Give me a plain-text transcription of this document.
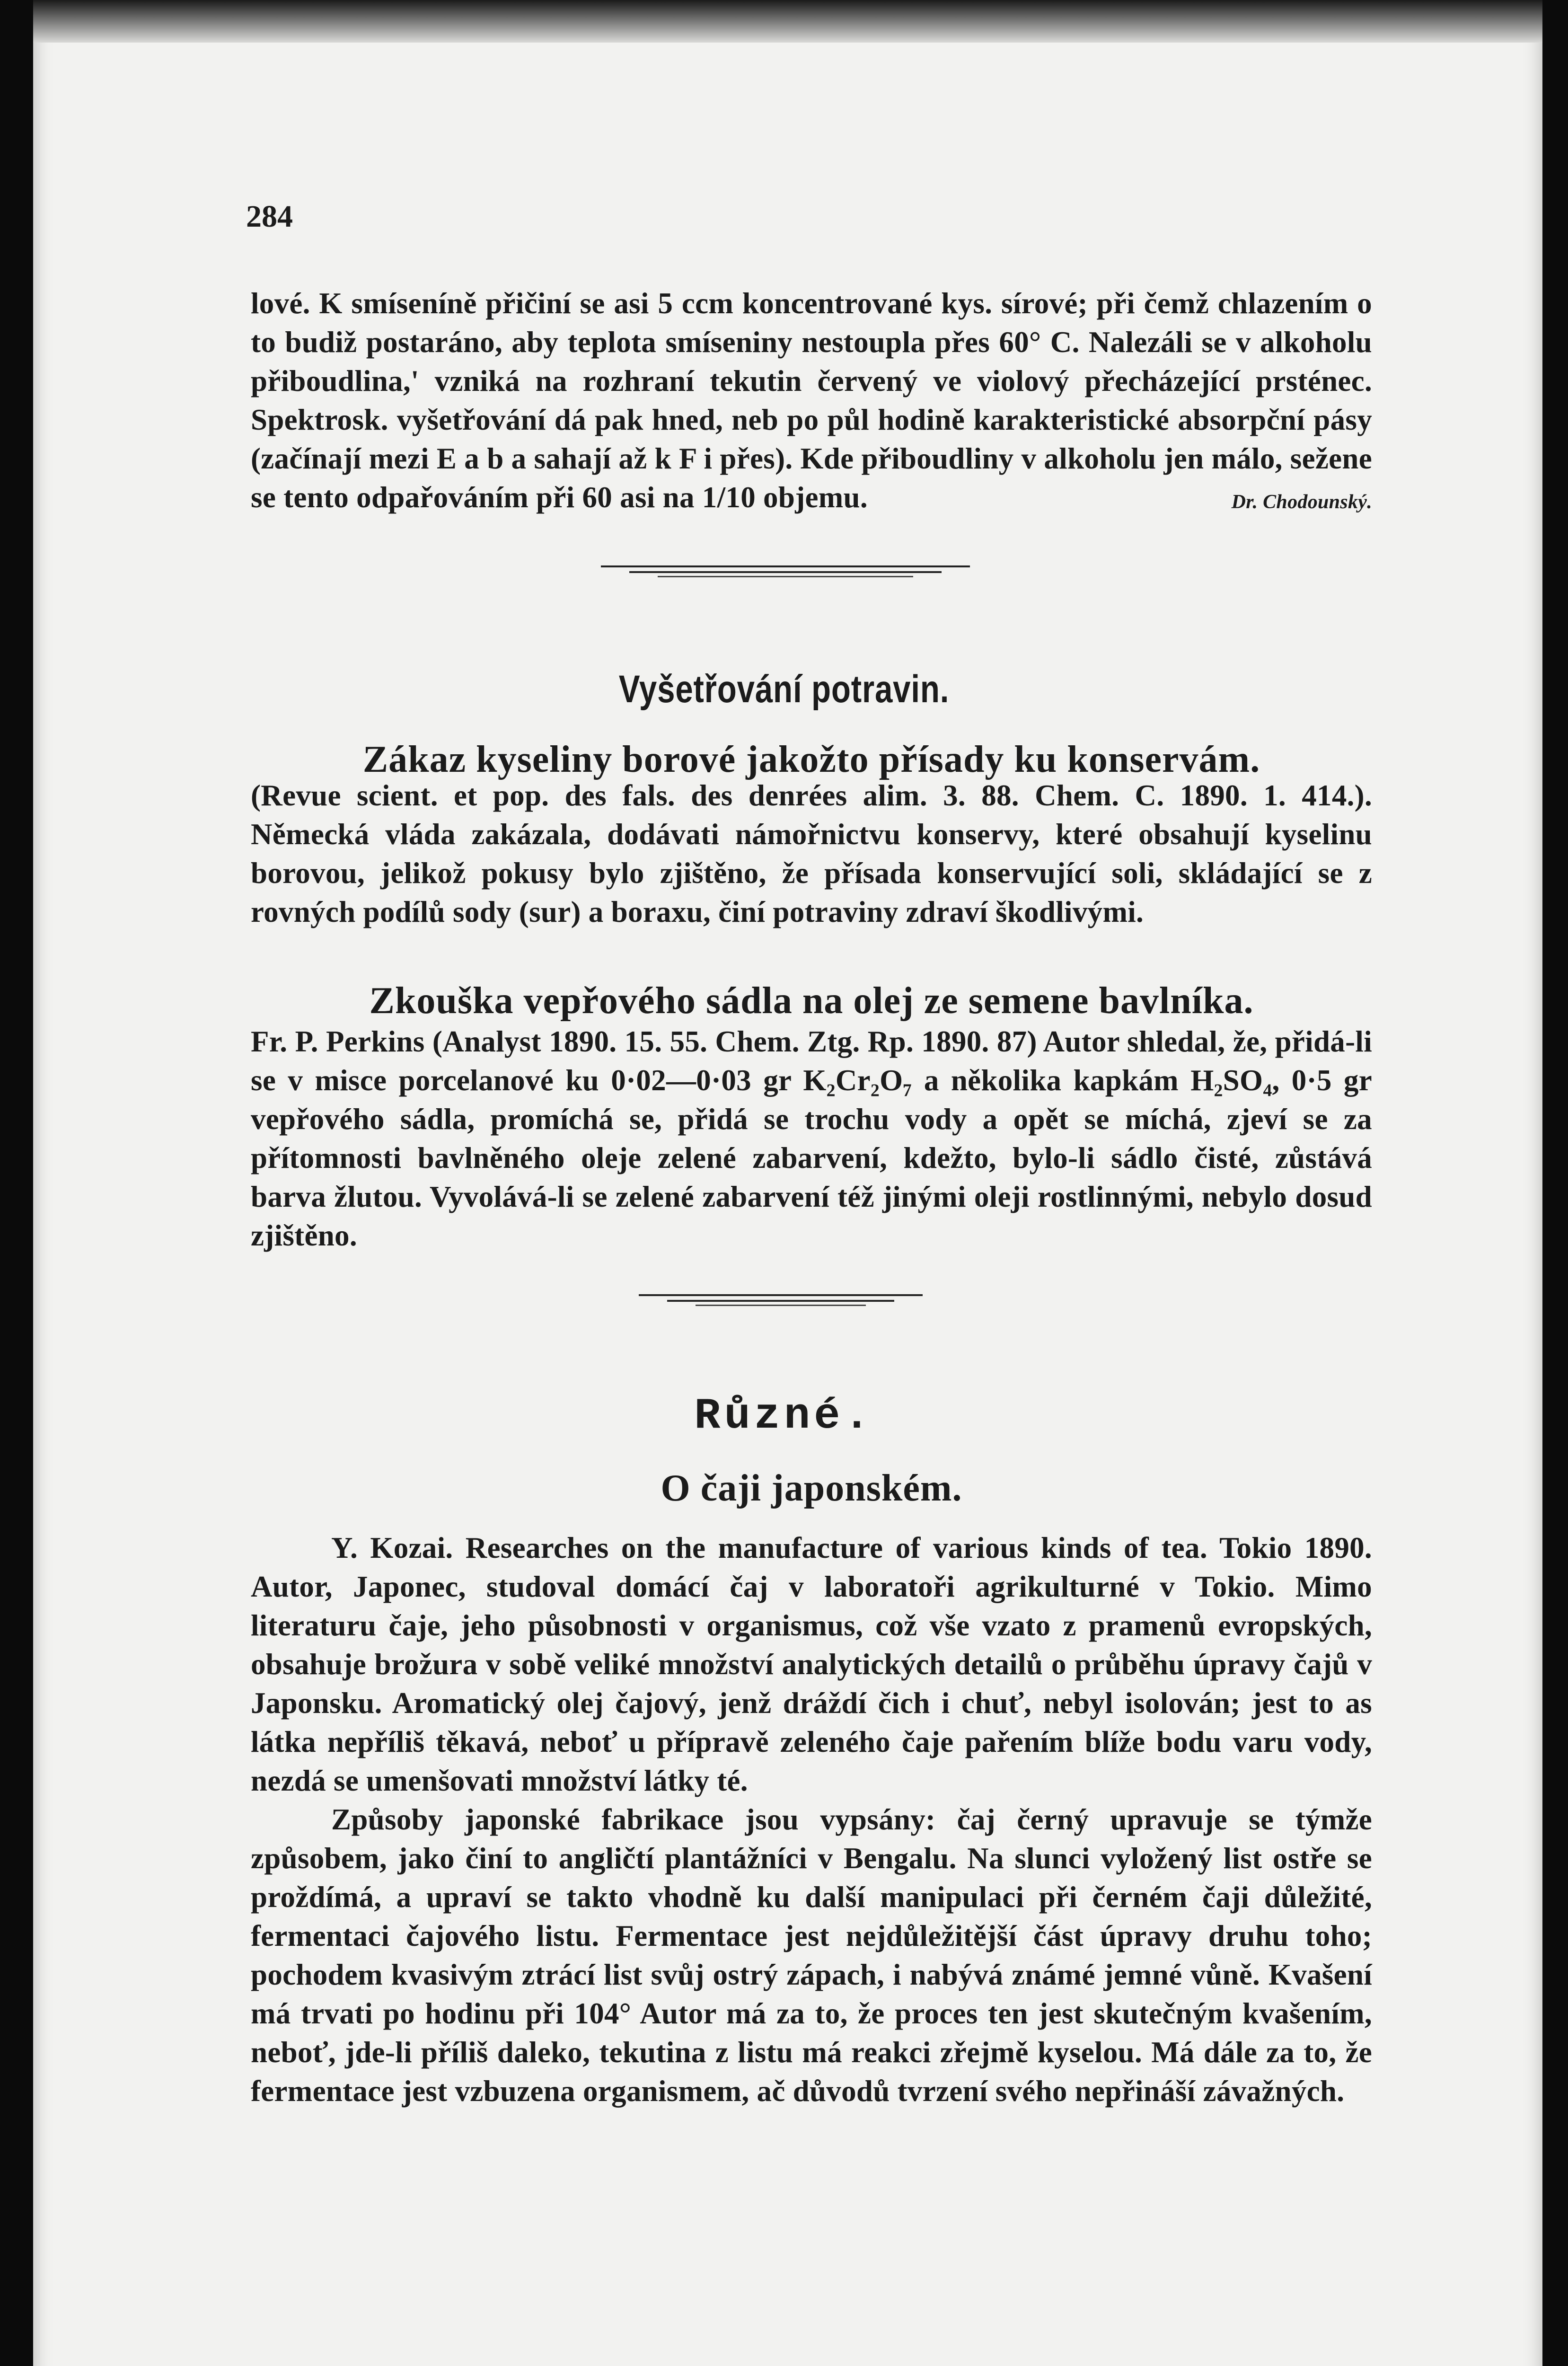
284

lové. K smíseníně přičiní se asi 5 ccm koncentrované kys. sírové; při čemž chlazením o to budiž postaráno, aby teplota smíseniny nestoupla přes 60° C. Nalezáli se v alkoholu přiboudlina,' vzniká na rozhraní tekutin červený ve violový přecházející prsténec. Spektrosk. vyšetřování dá pak hned, neb po půl hodině karakteristické absorpční pásy (začínají mezi E a b a sahají až k F i přes). Kde přiboudliny v alkoholu jen málo, sežene se tento odpařováním při 60 asi na 1/10 objemu.	Dr. Chodounský.

Vyšetřování potravin.
Zákaz kyseliny borové jakožto přísady ku konservám.

(Revue scient. et pop. des fals. des denrées alim. 3. 88. Chem. C. 1890. 1. 414.). Německá vláda zakázala, dodávati námořnictvu konservy, které obsahují kyselinu borovou, jelikož pokusy bylo zjištěno, že přísada konservující soli, skládající se z rovných podílů sody (sur) a boraxu, činí potraviny zdraví škodlivými.

Zkouška vepřového sádla na olej ze semene bavlníka.

Fr. P. Perkins (Analyst 1890. 15. 55. Chem. Ztg. Rp. 1890. 87) Autor shledal, že, přidá-li se v misce porcelanové ku 0·02—0·03 gr K₂Cr₂O₇ a několika kapkám H₂SO₄, 0·5 gr vepřového sádla, promíchá se, přidá se trochu vody a opět se míchá, zjeví se za přítomnosti bavlněného oleje zelené zabarvení, kdežto, bylo-li sádlo čisté, zůstává barva žlutou. Vyvolává-li se zelené zabarvení též jinými oleji rostlinnými, nebylo dosud zjištěno.

Různé.
O čaji japonském.

Y. Kozai. Researches on the manufacture of various kinds of tea. Tokio 1890. Autor, Japonec, studoval domácí čaj v laboratoři agrikulturné v Tokio. Mimo literaturu čaje, jeho působnosti v organismus, což vše vzato z pramenů evropských, obsahuje brožura v sobě veliké množství analytických detailů o průběhu úpravy čajů v Japonsku. Aromatický olej čajový, jenž dráždí čich i chuť, nebyl isolován; jest to as látka nepříliš těkavá, neboť u přípravě zeleného čaje pařením blíže bodu varu vody, nezdá se umenšovati množství látky té.

Způsoby japonské fabrikace jsou vypsány: čaj černý upravuje se týmže způsobem, jako činí to angličtí plantážníci v Bengalu. Na slunci vyložený list ostře se proždímá, a upraví se takto vhodně ku další manipulaci při černém čaji důležité, fermentaci čajového listu. Fermentace jest nejdůležitější část úpravy druhu toho; pochodem kvasivým ztrácí list svůj ostrý zápach, i nabývá známé jemné vůně. Kvašení má trvati po hodinu při 104° Autor má za to, že proces ten jest skutečným kvašením, neboť, jde-li příliš daleko, tekutina z listu má reakci zřejmě kyselou. Má dále za to, že fermentace jest vzbuzena organismem, ač důvodů tvrzení svého nepřináší závažných.
